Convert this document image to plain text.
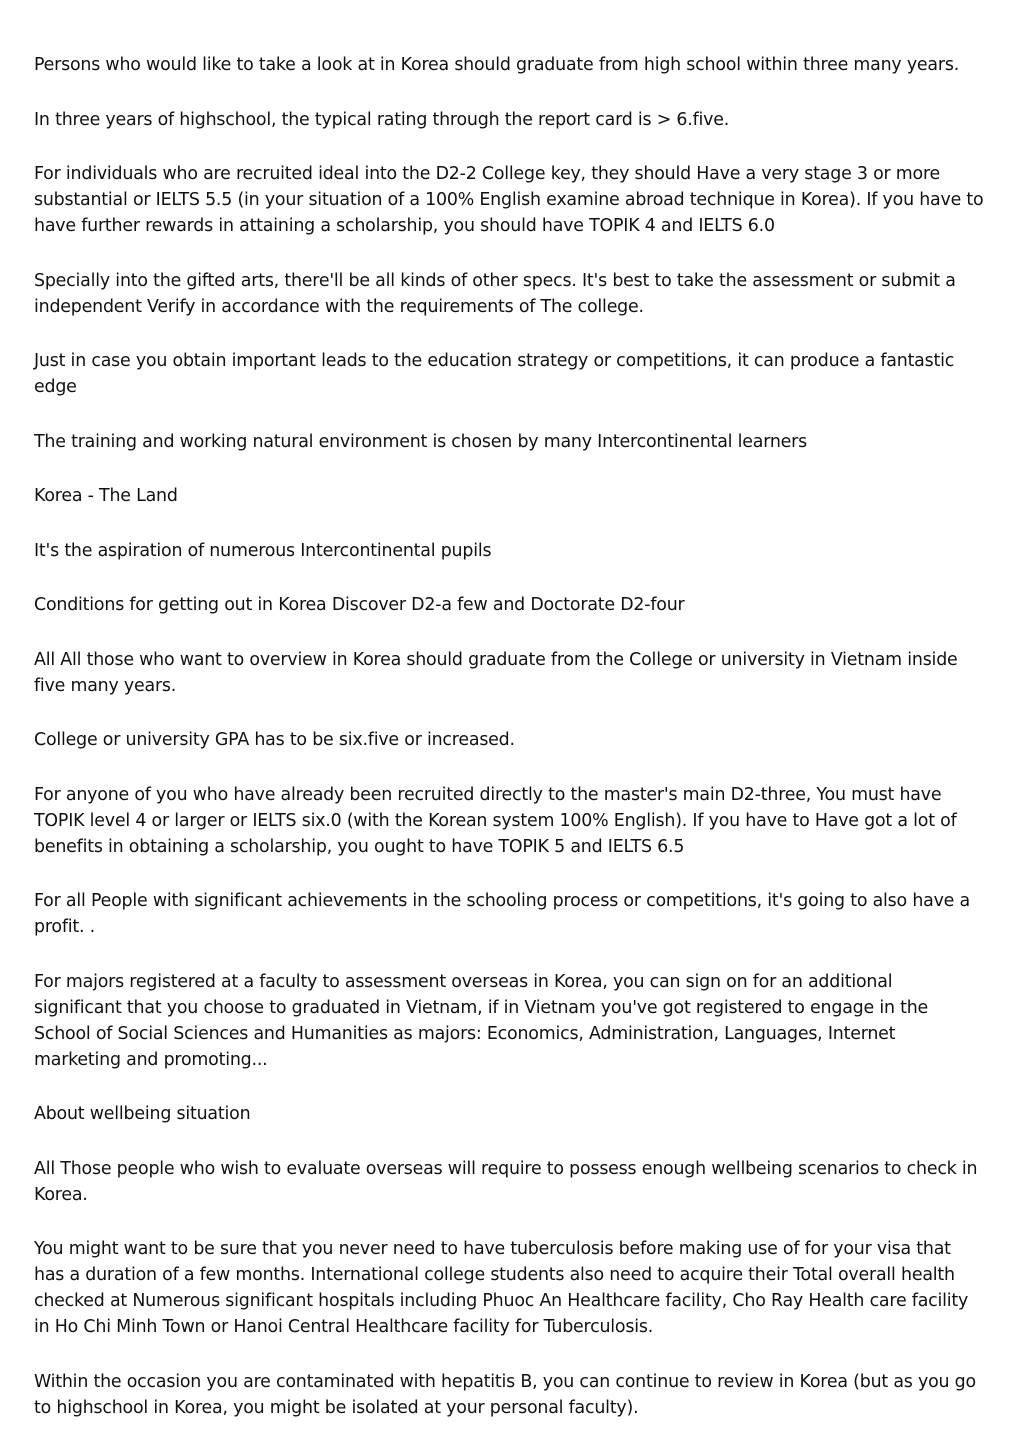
Persons who would like to take a look at in Korea should graduate from high school within three many years.

In three years of highschool, the typical rating through the report card is > 6.five.

For individuals who are recruited ideal into the D2-2 College key, they should Have a very stage 3 or more substantial or IELTS 5.5 (in your situation of a 100% English examine abroad technique in Korea). If you have to have further rewards in attaining a scholarship, you should have TOPIK 4 and IELTS 6.0

Specially into the gifted arts, there'll be all kinds of other specs. It's best to take the assessment or submit a independent Verify in accordance with the requirements of The college.

Just in case you obtain important leads to the education strategy or competitions, it can produce a fantastic edge

The training and working natural environment is chosen by many Intercontinental learners

Korea - The Land

It's the aspiration of numerous Intercontinental pupils

Conditions for getting out in Korea Discover D2-a few and Doctorate D2-four

All All those who want to overview in Korea should graduate from the College or university in Vietnam inside five many years.

College or university GPA has to be six.five or increased.

For anyone of you who have already been recruited directly to the master's main D2-three, You must have TOPIK level 4 or larger or IELTS six.0 (with the Korean system 100% English). If you have to Have got a lot of benefits in obtaining a scholarship, you ought to have TOPIK 5 and IELTS 6.5

For all People with significant achievements in the schooling process or competitions, it's going to also have a profit. .

For majors registered at a faculty to assessment overseas in Korea, you can sign on for an additional significant that you choose to graduated in Vietnam, if in Vietnam you've got registered to engage in the School of Social Sciences and Humanities as majors: Economics, Administration, Languages, Internet marketing and promoting...

About wellbeing situation

All Those people who wish to evaluate overseas will require to possess enough wellbeing scenarios to check in Korea.

You might want to be sure that you never need to have tuberculosis before making use of for your visa that has a duration of a few months. International college students also need to acquire their Total overall health checked at Numerous significant hospitals including Phuoc An Healthcare facility, Cho Ray Health care facility in Ho Chi Minh Town or Hanoi Central Healthcare facility for Tuberculosis.

Within the occasion you are contaminated with hepatitis B, you can continue to review in Korea (but as you go to highschool in Korea, you might be isolated at your personal faculty).
